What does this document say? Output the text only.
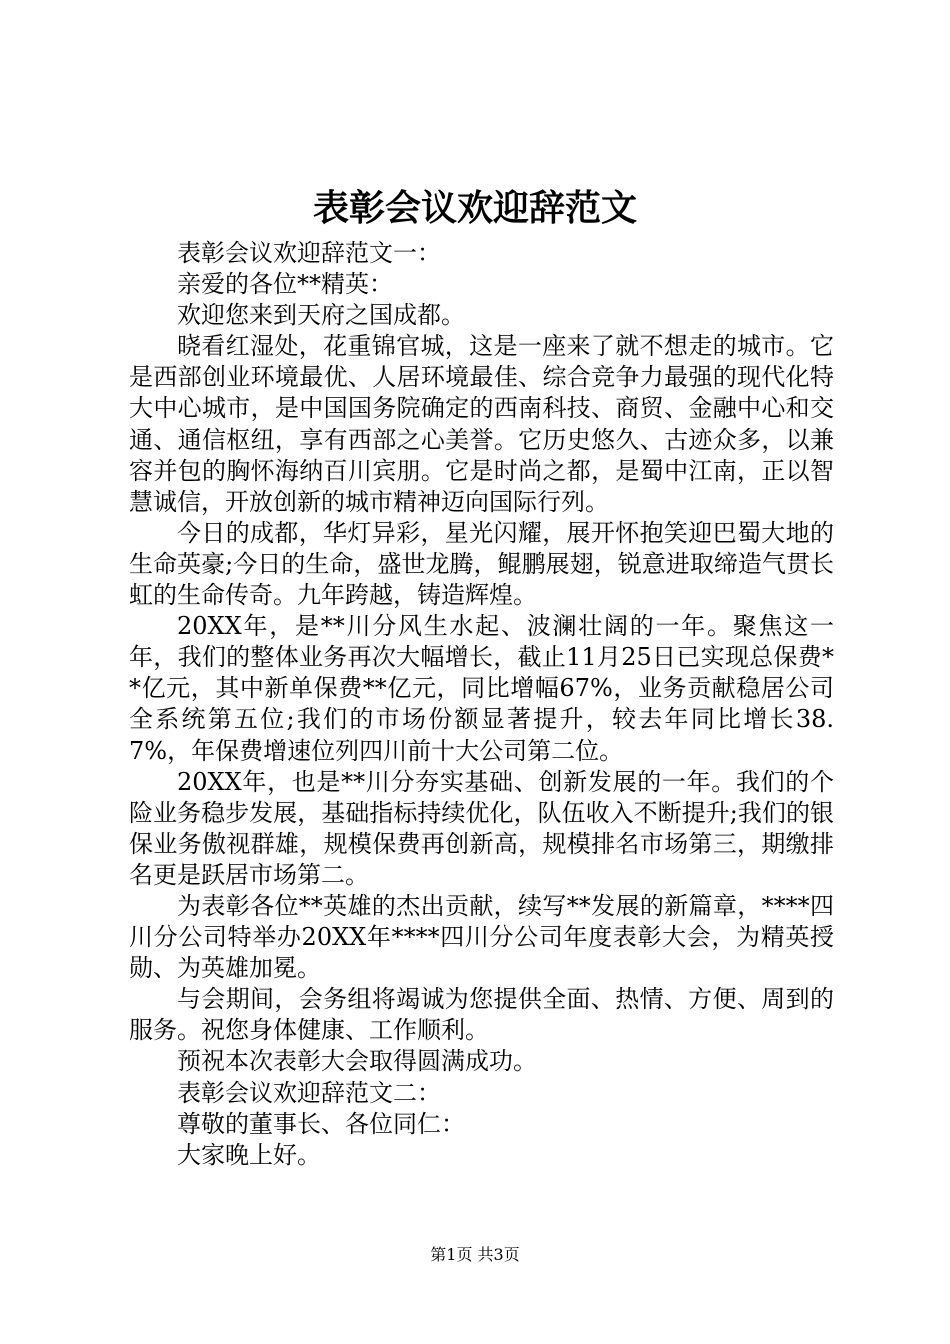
表彰会议欢迎辞范文

表彰会议欢迎辞范文一：

亲爱的各位**精英：

欢迎您来到天府之国成都。

晓看红湿处，花重锦官城，这是一座来了就不想走的城市。它是西部创业环境最优、人居环境最佳、综合竞争力最强的现代化特大中心城市，是中国国务院确定的西南科技、商贸、金融中心和交通、通信枢纽，享有西部之心美誉。它历史悠久、古迹众多，以兼容并包的胸怀海纳百川宾朋。它是时尚之都，是蜀中江南，正以智慧诚信，开放创新的城市精神迈向国际行列。

今日的成都，华灯异彩，星光闪耀，展开怀抱笑迎巴蜀大地的生命英豪;今日的生命，盛世龙腾，鲲鹏展翅，锐意进取缔造气贯长虹的生命传奇。九年跨越，铸造辉煌。

20XX年，是**川分风生水起、波澜壮阔的一年。聚焦这一年，我们的整体业务再次大幅增长，截止11月25日已实现总保费**亿元，其中新单保费**亿元，同比增幅67%，业务贡献稳居公司全系统第五位;我们的市场份额显著提升，较去年同比增长38.7%，年保费增速位列四川前十大公司第二位。

20XX年，也是**川分夯实基础、创新发展的一年。我们的个险业务稳步发展，基础指标持续优化，队伍收入不断提升;我们的银保业务傲视群雄，规模保费再创新高，规模排名市场第三，期缴排名更是跃居市场第二。

为表彰各位**英雄的杰出贡献，续写**发展的新篇章，****四川分公司特举办20XX年****四川分公司年度表彰大会，为精英授勋、为英雄加冕。

与会期间，会务组将竭诚为您提供全面、热情、方便、周到的服务。祝您身体健康、工作顺利。

预祝本次表彰大会取得圆满成功。

表彰会议欢迎辞范文二：

尊敬的董事长、各位同仁：

大家晚上好。

第1页 共3页
